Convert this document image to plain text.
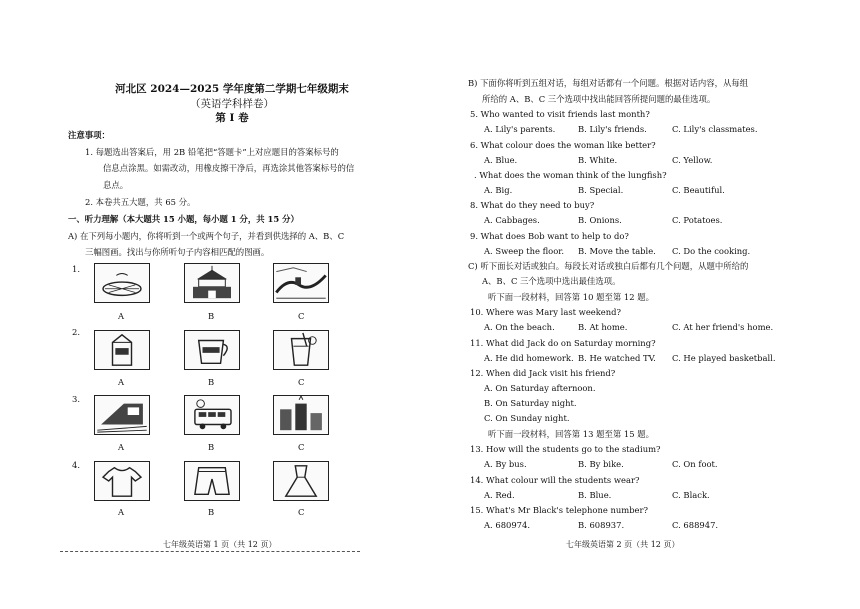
河北区 2024—2025 学年度第二学期七年级期末
（英语学科样卷）
第 I 卷
注意事项：
1. 每题选出答案后，用 2B 铅笔把“答题卡”上对应题目的答案标号的
信息点涂黑。如需改动，用橡皮擦干净后，再选涂其他答案标号的信
息点。
2. 本卷共五大题，共 65 分。
一、听力理解（本大题共 15 小题，每小题 1 分，共 15 分）
A) 在下列每小题内，你将听到一个或两个句子，并看到供选择的 A、B、C
三幅图画。找出与你所听句子内容相匹配的图画。
1.
A	B	C
2.
A	B	C
3.
A	B	C
4.
A	B	C
七年级英语第 1 页（共 12 页）
B) 下面你将听到五组对话，每组对话都有一个问题。根据对话内容，从每组
所给的 A、B、C 三个选项中找出能回答所提问题的最佳选项。
5. Who wanted to visit friends last month?
A. Lily's parents.	B. Lily's friends.	C. Lily's classmates.
6. What colour does the woman like better?
A. Blue.	B. White.	C. Yellow.
. What does the woman think of the lungfish?
A. Big.	B. Special.	C. Beautiful.
8. What do they need to buy?
A. Cabbages.	B. Onions.	C. Potatoes.
9. What does Bob want to help to do?
A. Sweep the floor. B. Move the table. C. Do the cooking.
C) 听下面长对话或独白。每段长对话或独白后都有几个问题，从题中所给的
A、B、C 三个选项中选出最佳选项。
听下面一段材料，回答第 10 题至第 12 题。
10. Where was Mary last weekend?
A. On the beach.	B. At home.	C. At her friend's home.
11. What did Jack do on Saturday morning?
A. He did homework. B. He watched TV. C. He played basketball.
12. When did Jack visit his friend?
A. On Saturday afternoon.
B. On Saturday night.
C. On Sunday night.
听下面一段材料，回答第 13 题至第 15 题。
13. How will the students go to the stadium?
A. By bus.	B. By bike.	C. On foot.
14. What colour will the students wear?
A. Red.	B. Blue.	C. Black.
15. What's Mr Black's telephone number?
A. 680974.	B. 608937.	C. 688947.
七年级英语第 2 页（共 12 页）
